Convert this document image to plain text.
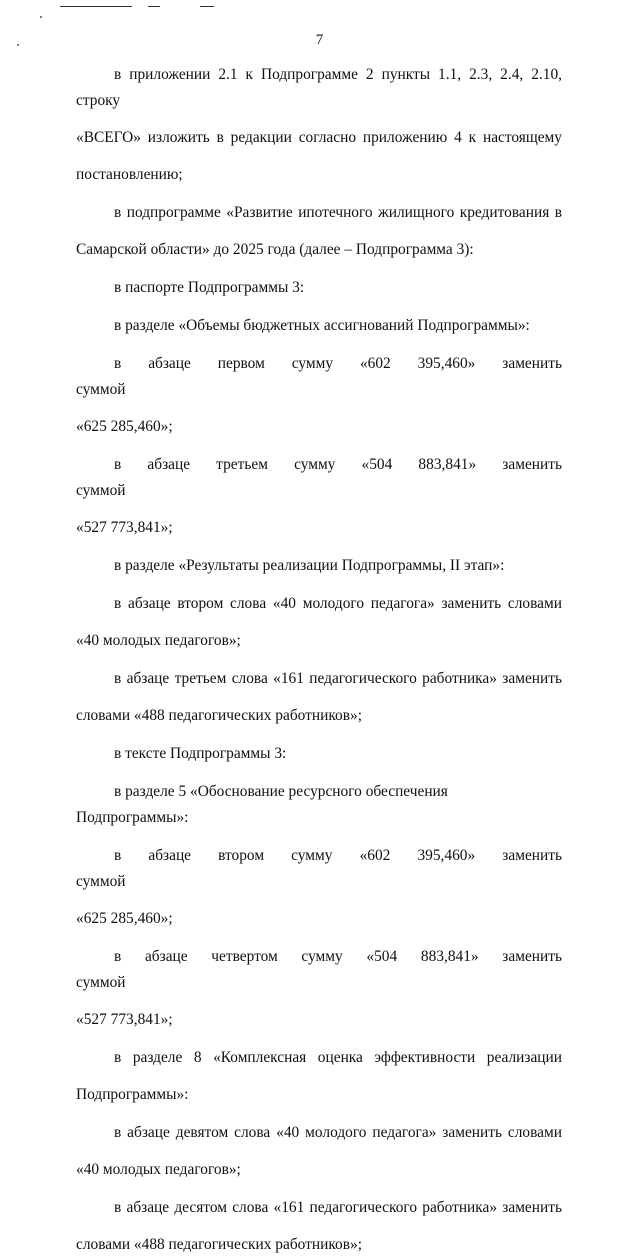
7

в приложении 2.1 к Подпрограмме 2 пункты 1.1, 2.3, 2.4, 2.10, строку

«ВСЕГО» изложить в редакции согласно приложению 4 к настоящему

постановлению;

в подпрограмме «Развитие ипотечного жилищного кредитования в

Самарской области» до 2025 года (далее – Подпрограмма 3):

в паспорте Подпрограммы 3:

в разделе «Объемы бюджетных ассигнований Подпрограммы»:

в абзаце первом сумму «602 395,460» заменить суммой

«625 285,460»;

в абзаце третьем сумму «504 883,841» заменить суммой

«527 773,841»;

в разделе «Результаты реализации Подпрограммы, II этап»:

в абзаце втором слова «40 молодого педагога» заменить словами

«40 молодых педагогов»;

в абзаце третьем слова «161 педагогического работника» заменить

словами «488 педагогических работников»;

в тексте Подпрограммы 3:

в разделе 5 «Обоснование ресурсного обеспечения Подпрограммы»:

в абзаце втором сумму «602 395,460» заменить суммой

«625 285,460»;

в абзаце четвертом сумму «504 883,841» заменить суммой

«527 773,841»;

в разделе 8 «Комплексная оценка эффективности реализации

Подпрограммы»:

в абзаце девятом слова «40 молодого педагога» заменить словами

«40 молодых педагогов»;

в абзаце десятом слова «161 педагогического работника» заменить

словами «488 педагогических работников»;
